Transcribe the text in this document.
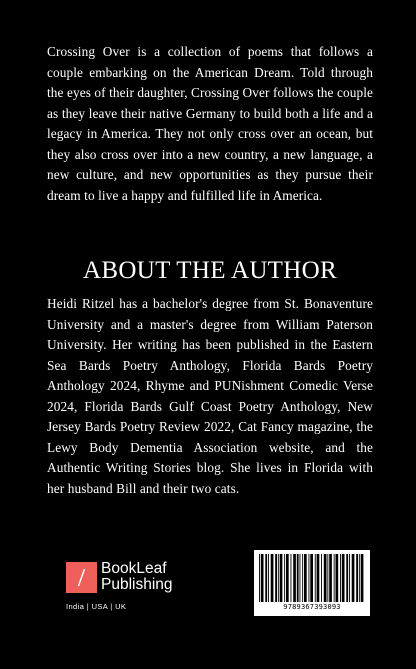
Crossing Over is a collection of poems that follows a couple embarking on the American Dream. Told through the eyes of their daughter, Crossing Over follows the couple as they leave their native Germany to build both a life and a legacy in America. They not only cross over an ocean, but they also cross over into a new country, a new language, a new culture, and new opportunities as they pursue their dream to live a happy and fulfilled life in America.
ABOUT THE AUTHOR
Heidi Ritzel has a bachelor's degree from St. Bonaventure University and a master's degree from William Paterson University. Her writing has been published in the Eastern Sea Bards Poetry Anthology, Florida Bards Poetry Anthology 2024, Rhyme and PUNishment Comedic Verse 2024, Florida Bards Gulf Coast Poetry Anthology, New Jersey Bards Poetry Review 2022, Cat Fancy magazine, the Lewy Body Dementia Association website, and the Authentic Writing Stories blog. She lives in Florida with her husband Bill and their two cats.
BookLeaf
Publishing
India | USA | UK	9789367393093
